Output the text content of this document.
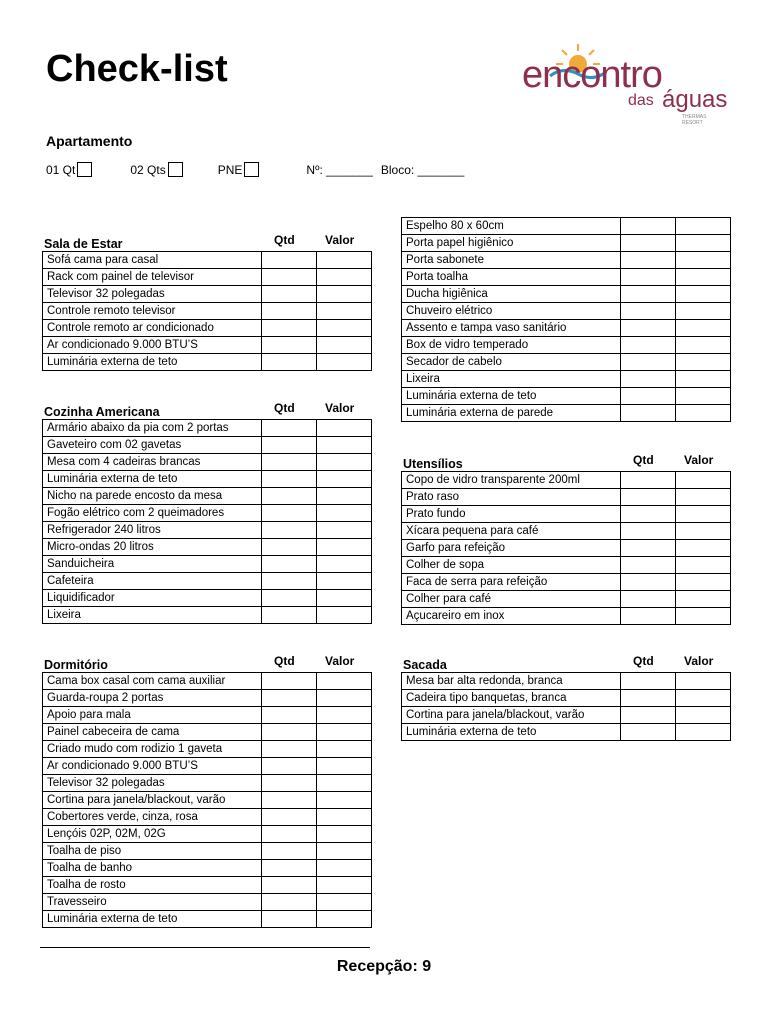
Check-list	encontro
das águas
THERMAS RESORT
Apartamento
01 Qt	02 Qts	PNE	Nº: _______ Bloco: _______
Sala de Estar	Qtd	Valor
Sofá cama para casal		
Rack com painel de televisor		
Televisor 32 polegadas		
Controle remoto televisor		
Controle remoto ar condicionado		
Ar condicionado 9.000 BTU’S		
Luminária externa de teto		
Cozinha Americana	Qtd	Valor
Armário abaixo da pia com 2 portas		
Gaveteiro com 02 gavetas		
Mesa com 4 cadeiras brancas		
Luminária externa de teto		
Nicho na parede encosto da mesa		
Fogão elétrico com 2 queimadores		
Refrigerador 240 litros		
Micro-ondas 20 litros		
Sanduicheira		
Cafeteira		
Liquidificador		
Lixeira		
Dormitório	Qtd	Valor
Cama box casal com cama auxiliar		
Guarda-roupa 2 portas		
Apoio para mala		
Painel cabeceira de cama		
Criado mudo com rodizio 1 gaveta		
Ar condicionado 9.000 BTU’S		
Televisor 32 polegadas		
Cortina para janela/blackout, varão		
Cobertores verde, cinza, rosa		
Lençóis 02P, 02M, 02G		
Toalha de piso		
Toalha de banho		
Toalha de rosto		
Travesseiro		
Luminária externa de teto		
Espelho 80 x 60cm		
Porta papel higiênico		
Porta sabonete		
Porta toalha		
Ducha higiênica		
Chuveiro elétrico		
Assento e tampa vaso sanitário		
Box de vidro temperado		
Secador de cabelo		
Lixeira		
Luminária externa de teto		
Luminária externa de parede		
Utensílios	Qtd	Valor
Copo de vidro transparente 200ml		
Prato raso		
Prato fundo		
Xícara pequena para café		
Garfo para refeição		
Colher de sopa		
Faca de serra para refeição		
Colher para café		
Açucareiro em inox		
Sacada	Qtd	Valor
Mesa bar alta redonda, branca		
Cadeira tipo banquetas, branca		
Cortina para janela/blackout, varão		
Luminária externa de teto		
Recepção: 9
